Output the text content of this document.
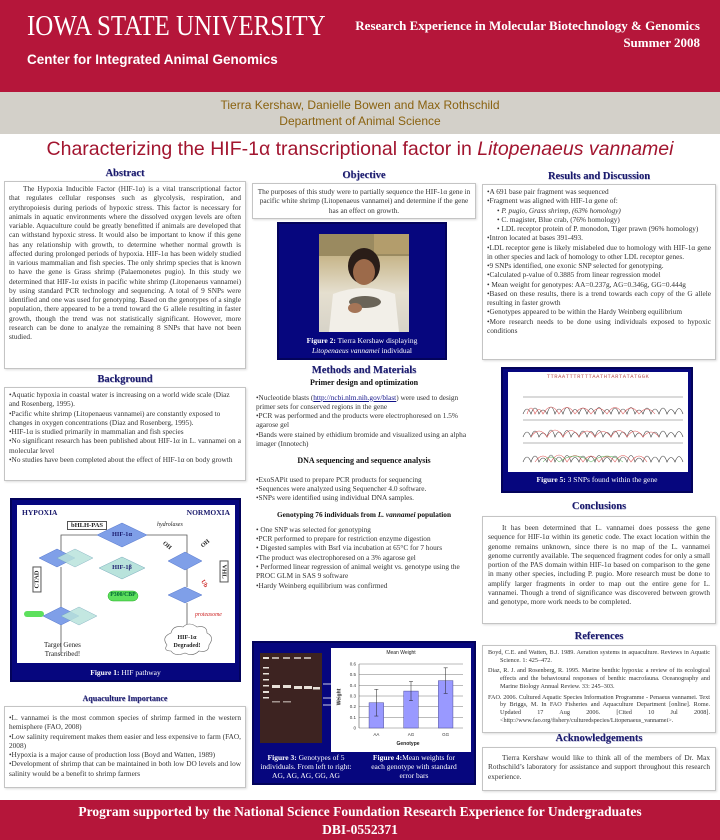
IOWA STATE UNIVERSITY
Center for Integrated Animal Genomics
Research Experience in Molecular Biotechnology & Genomics
Summer 2008
Tierra Kershaw, Danielle Bowen and Max Rothschild
Department of Animal Science
Characterizing the HIF-1α transcriptional factor in Litopenaeus vannamei
Abstract
The Hypoxia Inducible Factor (HIF-1α) is a vital transcriptional factor that regulates cellular responses such as glycolysis, respiration, and erythropoiesis during periods of hypoxic stress. This factor is necessary for animals in aquatic environments where the dissolved oxygen levels are often variable. Aquaculture could be greatly benefitted if animals are developed that can withstand hypoxic stress. It would also be important to know if this gene has any relationship with growth, to determine whether normal growth is affected during prolonged periods of hypoxia. HIF-1α has been widely studied in various mammalian and fish species. The only shrimp species that is known to have the gene is Grass shrimp (Palaemonetes pugio). In this study we determined that HIF-1α exists in pacific white shrimp (Litopenaeus vannamei) by using standard PCR technology and sequencing. A total of 9 SNPs were identified and one was used for genotyping. Based on the genotypes of a single population, there appeared to be a trend toward the G allele resulting in faster growth, though the trend was not statistically significant. However, more research can be done to analyze the remaining 8 SNPs that have not been studied.
Background
•Aquatic hypoxia in coastal water is increasing on a world wide scale (Diaz and Rosenberg, 1995).
•Pacific white shrimp (Litopenaeus vannamei) are constantly exposed to changes in oxygen concentrations (Diaz and Rosenberg, 1995).
•HIF-1α is studied primarily in mammalian and fish species
•No significant research has been published about HIF-1α in L. vannamei on a molecular level
•No studies have been completed about the effect of HIF-1α on body growth
HYPOXIA	NORMOXIA
bHLH-PAS	hydrolases
HIF-1α
HIF-1β
P300/CBP
CTAD	VHL
OH	OH
Ub
proteasome
Target Genes
Transcribed!
HIF-1α
Degraded!
Figure 1: HIF pathway
Aquaculture Importance
•L. vannamei is the most common species of shrimp farmed in the western hemisphere (FAO, 2008)
•Low salinity requirement makes them easier and less expensive to farm (FAO, 2008)
•Hypoxia is a major cause of production loss (Boyd and Watten, 1989)
•Development of shrimp that can be maintained in both low DO levels and low salinity would be a benefit to shrimp farmers
Objective
The purposes of this study were to partially sequence the HIF-1α gene in pacific white shrimp (Litopenaeus vannamei) and determine if the gene has an effect on growth.
Figure 2: Tierra Kershaw displaying
Litopenaeus vannamei individual
Methods and Materials
Primer design and optimization
•Nucleotide blasts (http://ncbi.nlm.nih.gov/blast) were used to design
primer sets for conserved regions in the gene
•PCR was performed and the products were electrophoresed on 1.5% agarose gel
•Bands were stained by ethidium bromide and visualized using an alpha imager (Innotech)
DNA sequencing and sequence analysis
•ExoSAPit used to prepare PCR products for sequencing
•Sequences were analyzed using Sequencher 4.0 software.
•SNPs were identified using individual DNA samples.
Genotyping 76 individuals from L. vannamei population
• One SNP was selected for genotyping
•PCR performed to prepare for restriction enzyme digestion
• Digested samples with BsrI via incubation at 65°C for 7 hours
•The product was electrophoresed on a 3% agarose gel
• Performed linear regression of animal weight vs. genotype using the PROC GLM in SAS 9 software
•Hardy Weinberg equilibrium was confirmed
Mean Weight
0
0.1
0.2
0.3
0.4
0.5
0.6
AA	AG	GG
Weight
Genotype
Figure 3: Genotypes of 5 individuals. From left to right: AG, AG, AG, GG, AG
Figure 4:Mean weights for each genotype with standard error bars
Results and Discussion
•A 691 base pair fragment was sequenced
•Fragment was aligned with HIF-1α gene of:
• P. pugio, Grass shrimp, (63% homology)
• C. magister, Blue crab, (76% homology)
• LDL receptor protein of P. monodon, Tiger prawn (96% homology)
•Intron located at bases 391-493.
•LDL receptor gene is likely mislabeled due to homology with HIF-1α gene in other species and lack of homology to other LDL receptor genes.
•9 SNPs identified, one exonic SNP selected for genotyping.
•Calculated p-value of 0.3885 from linear regression model
• Mean weight for genotypes: AA=0.237g, AG=0.346g, GG=0.444g
•Based on these results, there is a trend towards each copy of the G allele resulting in faster growth
•Genotypes appeared to be within the Hardy Weinberg equilibrium
•More research needs to be done using individuals exposed to hypoxic conditions
TTRAATTTRTTTAATHTARTATATGGK
Figure 5: 3 SNPs found within the gene
Conclusions
It has been determined that L. vannamei does possess the gene sequence for HIF-1α within its genetic code. The exact location within the genome remains unknown, since there is no map of the L. vannamei genome currently available. The sequenced fragment codes for only a small portion of the PAS domain within HIF-1α based on comparison to the gene in many other species, including P. pugio. More research must be done to amplify larger fragments in order to map out the entire gene for L. vannamei. Though a trend of significance was discovered between growth and genotype, more work needs to be completed.
References
Boyd, C.E. and Watten, B.J. 1989. Aeration systems in aquaculture. Reviews in Aquatic Science. 1: 425–472.
Diaz, R. J. and Rosenberg, R. 1995. Marine benthic hypoxia: a review of its ecological effects and the behavioural responses of benthic macrofauna. Oceanography and Marine Biology Annual Review. 33: 245–303.
FAO. 2006. Cultured Aquatic Species Information Programme - Penaeus vannamei. Text by Briggs, M. In FAO Fisheries and Aquaculture Department [online]. Rome. Updated 17 Aug 2006. [Cited 10 Jul 2008]. <http://www.fao.org/fishery/culturedspecies/Litopenaeus_vannamei>.
Acknowledgements
Tierra Kershaw would like to think all of the members of Dr. Max Rothschild’s laboratory for assistance and support throughout this research experience.
Program supported by the National Science Foundation Research Experience for Undergraduates
DBI-0552371
